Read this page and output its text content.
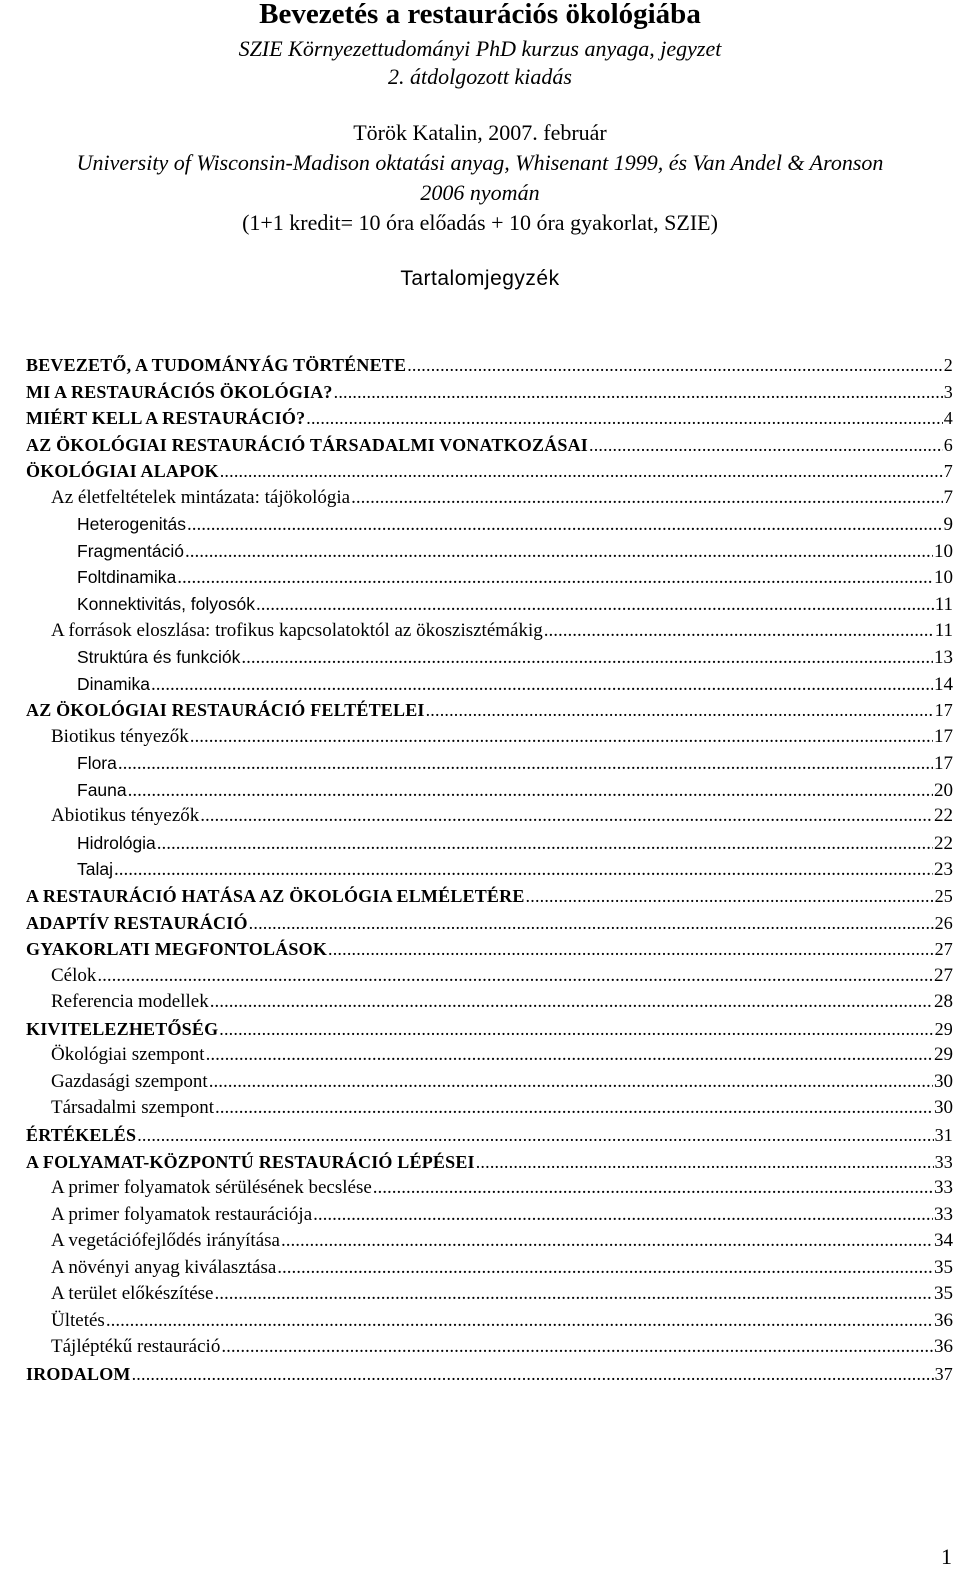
Bevezetés a restaurációs ökológiába
SZIE Környezettudományi PhD kurzus anyaga, jegyzet
2. átdolgozott kiadás
Török Katalin, 2007. február
University of Wisconsin-Madison oktatási anyag, Whisenant 1999, és Van Andel & Aronson
2006 nyomán
(1+1 kredit= 10 óra előadás + 10 óra gyakorlat, SZIE)
Tartalomjegyzék
BEVEZETŐ, A TUDOMÁNYÁG TÖRTÉNETE .....	2
MI A RESTAURÁCIÓS ÖKOLÓGIA? .....	3
MIÉRT KELL A RESTAURÁCIÓ? .....	4
AZ ÖKOLÓGIAI RESTAURÁCIÓ TÁRSADALMI VONATKOZÁSAI .....	6
ÖKOLÓGIAI ALAPOK .....	7
Az életfeltételek mintázata: tájökológia .....	7
Heterogenitás .....	9
Fragmentáció .....	10
Foltdinamika .....	10
Konnektivitás, folyosók .....	11
A források eloszlása: trofikus kapcsolatoktól az ökoszisztémákig .....	11
Struktúra és funkciók .....	13
Dinamika .....	14
AZ ÖKOLÓGIAI RESTAURÁCIÓ FELTÉTELEI .....	17
Biotikus tényezők .....	17
Flora .....	17
Fauna .....	20
Abiotikus tényezők .....	22
Hidrológia .....	22
Talaj .....	23
A RESTAURÁCIÓ HATÁSA AZ ÖKOLÓGIA ELMÉLETÉRE .....	25
ADAPTÍV RESTAURÁCIÓ .....	26
GYAKORLATI MEGFONTOLÁSOK .....	27
Célok .....	27
Referencia modellek .....	28
KIVITELEZHETŐSÉG .....	29
Ökológiai szempont .....	29
Gazdasági szempont .....	30
Társadalmi szempont .....	30
ÉRTÉKELÉS .....	31
A FOLYAMAT-KÖZPONTÚ RESTAURÁCIÓ LÉPÉSEI .....	33
A primer folyamatok sérülésének becslése .....	33
A primer folyamatok restaurációja .....	33
A vegetációfejlődés irányítása .....	34
A növényi anyag kiválasztása .....	35
A terület előkészítése .....	35
Ültetés .....	36
Tájléptékű restauráció .....	36
IRODALOM .....	37
1
